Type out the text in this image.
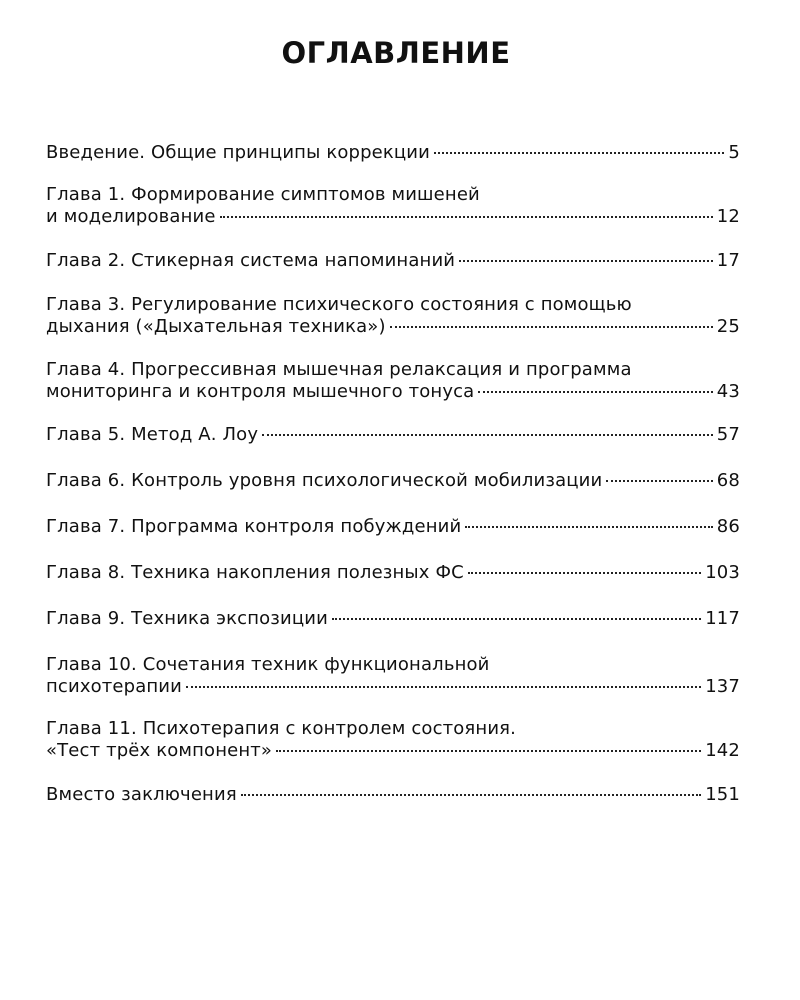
ОГЛАВЛЕНИЕ
Введение. Общие принципы коррекции	5
Глава 1. Формирование симптомов мишеней
и моделирование	12
Глава 2. Стикерная система напоминаний	17
Глава 3. Регулирование психического состояния с помощью
дыхания («Дыхательная техника»)	25
Глава 4. Прогрессивная мышечная релаксация и программа
мониторинга и контроля мышечного тонуса	43
Глава 5. Метод А. Лоу	57
Глава 6. Контроль уровня психологической мобилизации	68
Глава 7. Программа контроля побуждений	86
Глава 8. Техника накопления полезных ФС	103
Глава 9. Техника экспозиции	117
Глава 10. Сочетания техник функциональной
психотерапии	137
Глава 11. Психотерапия с контролем состояния.
«Тест трёх компонент»	142
Вместо заключения	151
